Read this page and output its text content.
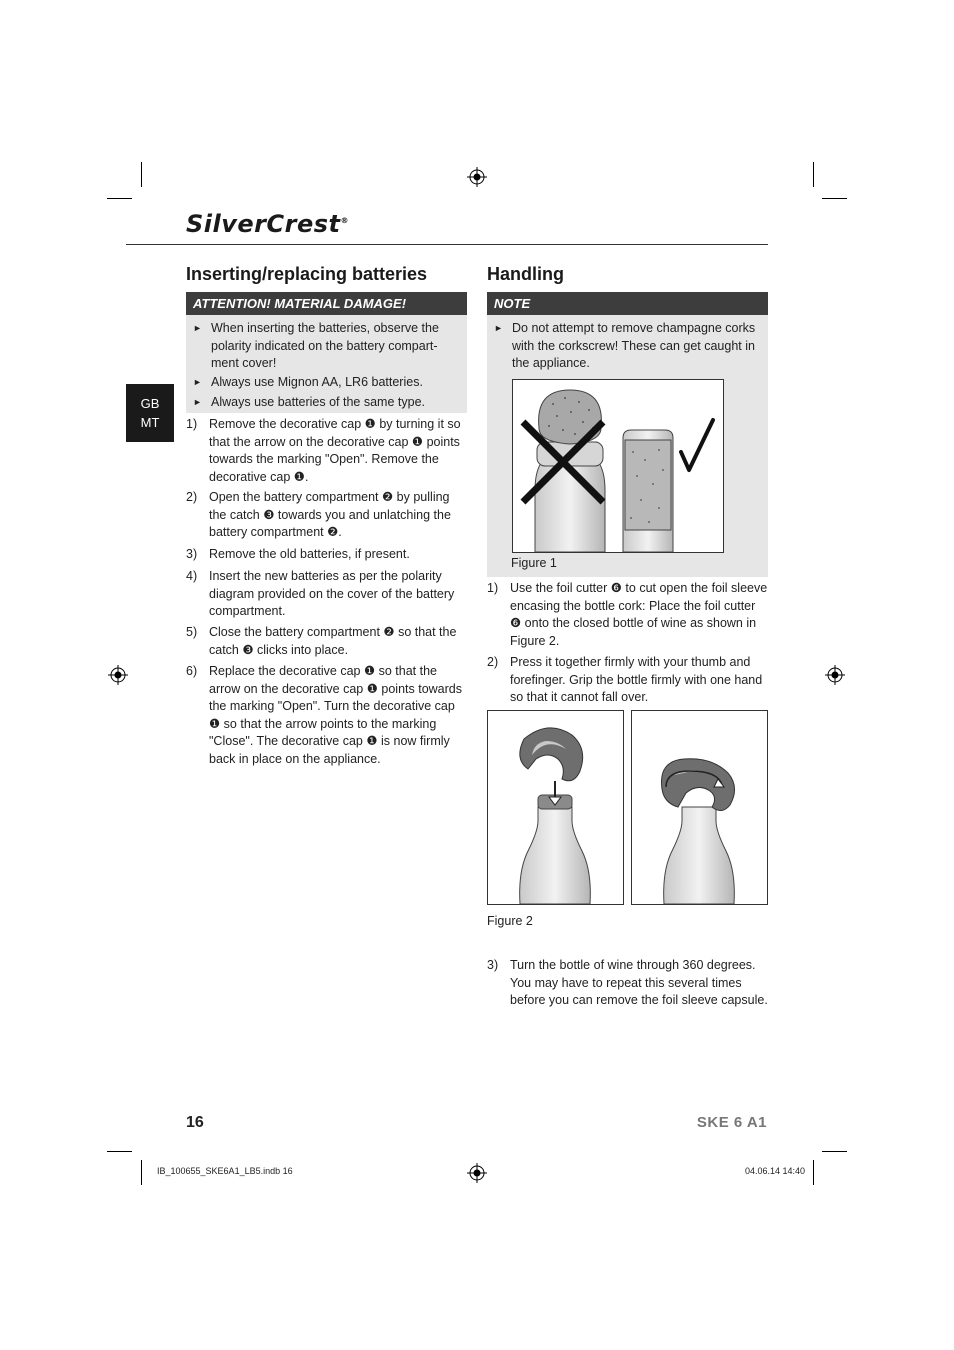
SilverCrest®
GB
MT
Inserting/replacing batteries
ATTENTION! MATERIAL DAMAGE!
► When inserting the batteries, observe the polarity indicated on the battery compart-ment cover!
► Always use Mignon AA, LR6 batteries.
► Always use batteries of the same type.
1) Remove the decorative cap ❶ by turning it so that the arrow on the decorative cap ❶ points towards the marking "Open". Remove the decorative cap ❶.
2) Open the battery compartment ❷ by pulling the catch ❸ towards you and unlatching the battery compartment ❷.
3) Remove the old batteries, if present.
4) Insert the new batteries as per the polarity diagram provided on the cover of the battery compartment.
5) Close the battery compartment ❷ so that the catch ❸ clicks into place.
6) Replace the decorative cap ❶ so that the arrow on the decorative cap ❶ points towards the marking "Open". Turn the decorative cap ❶ so that the arrow points to the marking "Close". The decorative cap ❶ is now firmly back in place on the appliance.
Handling
NOTE
► Do not attempt to remove champagne corks with the corkscrew! These can get caught in the appliance.
Figure 1
1) Use the foil cutter ❻ to cut open the foil sleeve encasing the bottle cork: Place the foil cutter ❻ onto the closed bottle of wine as shown in Figure 2.
2) Press it together firmly with your thumb and forefinger. Grip the bottle firmly with one hand so that it cannot fall over.
Figure 2
3) Turn the bottle of wine through 360 degrees. You may have to repeat this several times before you can remove the foil sleeve capsule.
16	SKE 6 A1
IB_100655_SKE6A1_LB5.indb 16	04.06.14 14:40
